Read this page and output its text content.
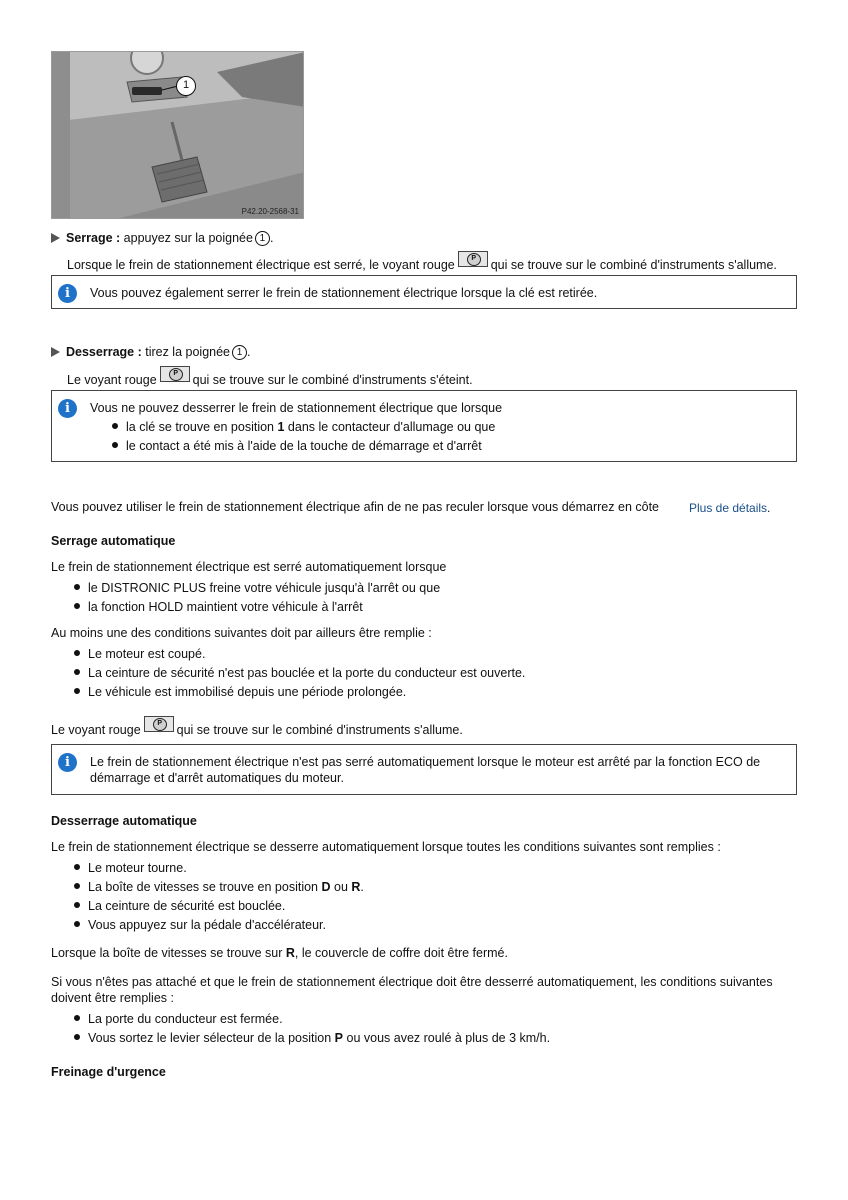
1
P42.20-2568-31
Serrage : appuyez sur la poignée 1 .
Lorsque le frein de stationnement électrique est serré, le voyant rouge P	qui se trouve sur le combiné d'instruments s'allume.
i	Vous pouvez également serrer le frein de stationnement électrique lorsque la clé est retirée.
Desserrage : tirez la poignée 1 .
Le voyant rouge P	qui se trouve sur le combiné d'instruments s'éteint.
i	Vous ne pouvez desserrer le frein de stationnement électrique que lorsque
la clé se trouve en position 1 dans le contacteur d'allumage ou que
le contact a été mis à l'aide de la touche de démarrage et d'arrêt
Vous pouvez utiliser le frein de stationnement électrique afin de ne pas reculer lorsque vous démarrez en côte	Plus de détails.
Serrage automatique
Le frein de stationnement électrique est serré automatiquement lorsque
le DISTRONIC PLUS freine votre véhicule jusqu'à l'arrêt ou que
la fonction HOLD maintient votre véhicule à l'arrêt
Au moins une des conditions suivantes doit par ailleurs être remplie :
Le moteur est coupé.
La ceinture de sécurité n'est pas bouclée et la porte du conducteur est ouverte.
Le véhicule est immobilisé depuis une période prolongée.
Le voyant rouge P	qui se trouve sur le combiné d'instruments s'allume.
i	Le frein de stationnement électrique n'est pas serré automatiquement lorsque le moteur est arrêté par la fonction ECO de
démarrage et d'arrêt automatiques du moteur.
Desserrage automatique
Le frein de stationnement électrique se desserre automatiquement lorsque toutes les conditions suivantes sont remplies :
Le moteur tourne.
La boîte de vitesses se trouve en position D ou R.
La ceinture de sécurité est bouclée.
Vous appuyez sur la pédale d'accélérateur.
Lorsque la boîte de vitesses se trouve sur R, le couvercle de coffre doit être fermé.
Si vous n'êtes pas attaché et que le frein de stationnement électrique doit être desserré automatiquement, les conditions suivantes
doivent être remplies :
La porte du conducteur est fermée.
Vous sortez le levier sélecteur de la position P ou vous avez roulé à plus de 3 km/h.
Freinage d'urgence
